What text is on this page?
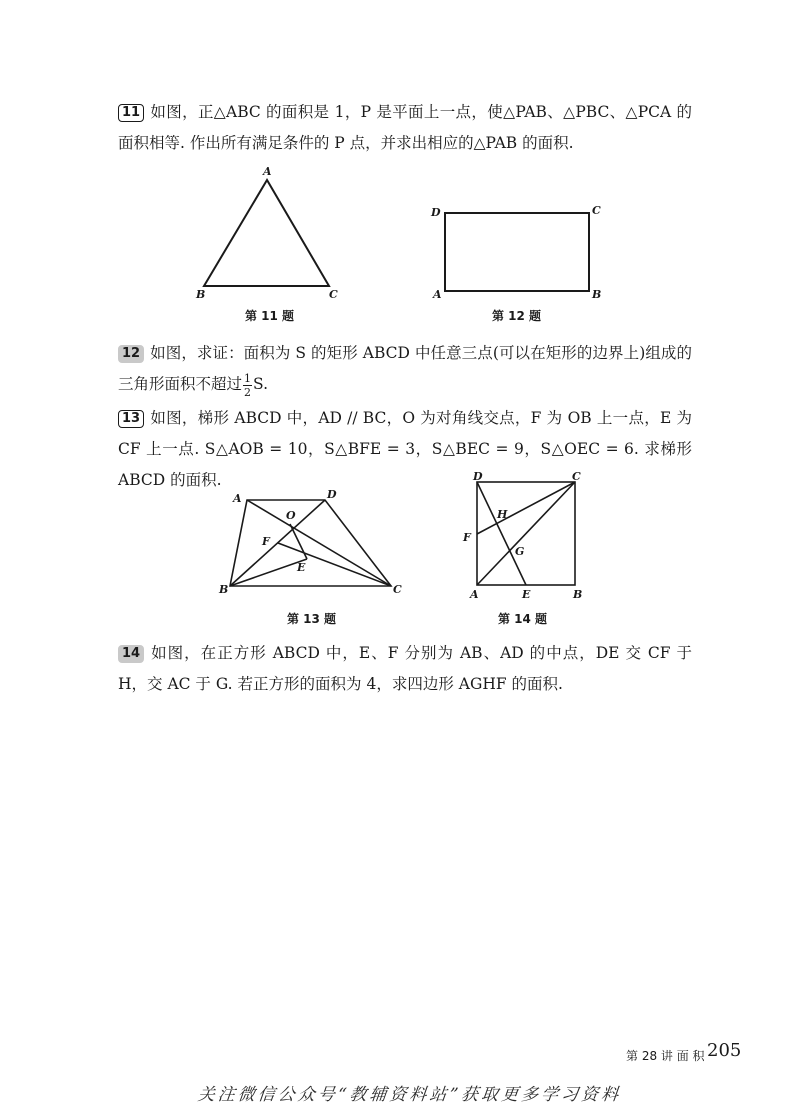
11 如图，正△ABC 的面积是 1，P 是平面上一点，使△PAB、△PBC、△PCA 的面积相等. 作出所有满足条件的 P 点，并求出相应的△PAB 的面积.
A
B	C
第 11 题
D	C
A	B
第 12 题
12 如图，求证：面积为 S 的矩形 ABCD 中任意三点(可以在矩形的边界上)组成的三角形面积不超过 $\frac{1}{2} S$.
13 如图，梯形 ABCD 中，AD // BC，O 为对角线交点，F 为 OB 上一点，E 为 CF 上一点. S△AOB = 10，S△BFE = 3，S△BEC = 9，S△OEC = 6. 求梯形 ABCD 的面积.
A	D
O
F
E
B	C
第 13 题
D	C
H
F
G
A	E	B
第 14 题
14 如图，在正方形 ABCD 中，E、F 分别为 AB、AD 的中点，DE 交 CF 于 H，交 AC 于 G. 若正方形的面积为 4，求四边形 AGHF 的面积.
第 28 讲 面 积 205
关注微信公众号“教辅资料站”获取更多学习资料
